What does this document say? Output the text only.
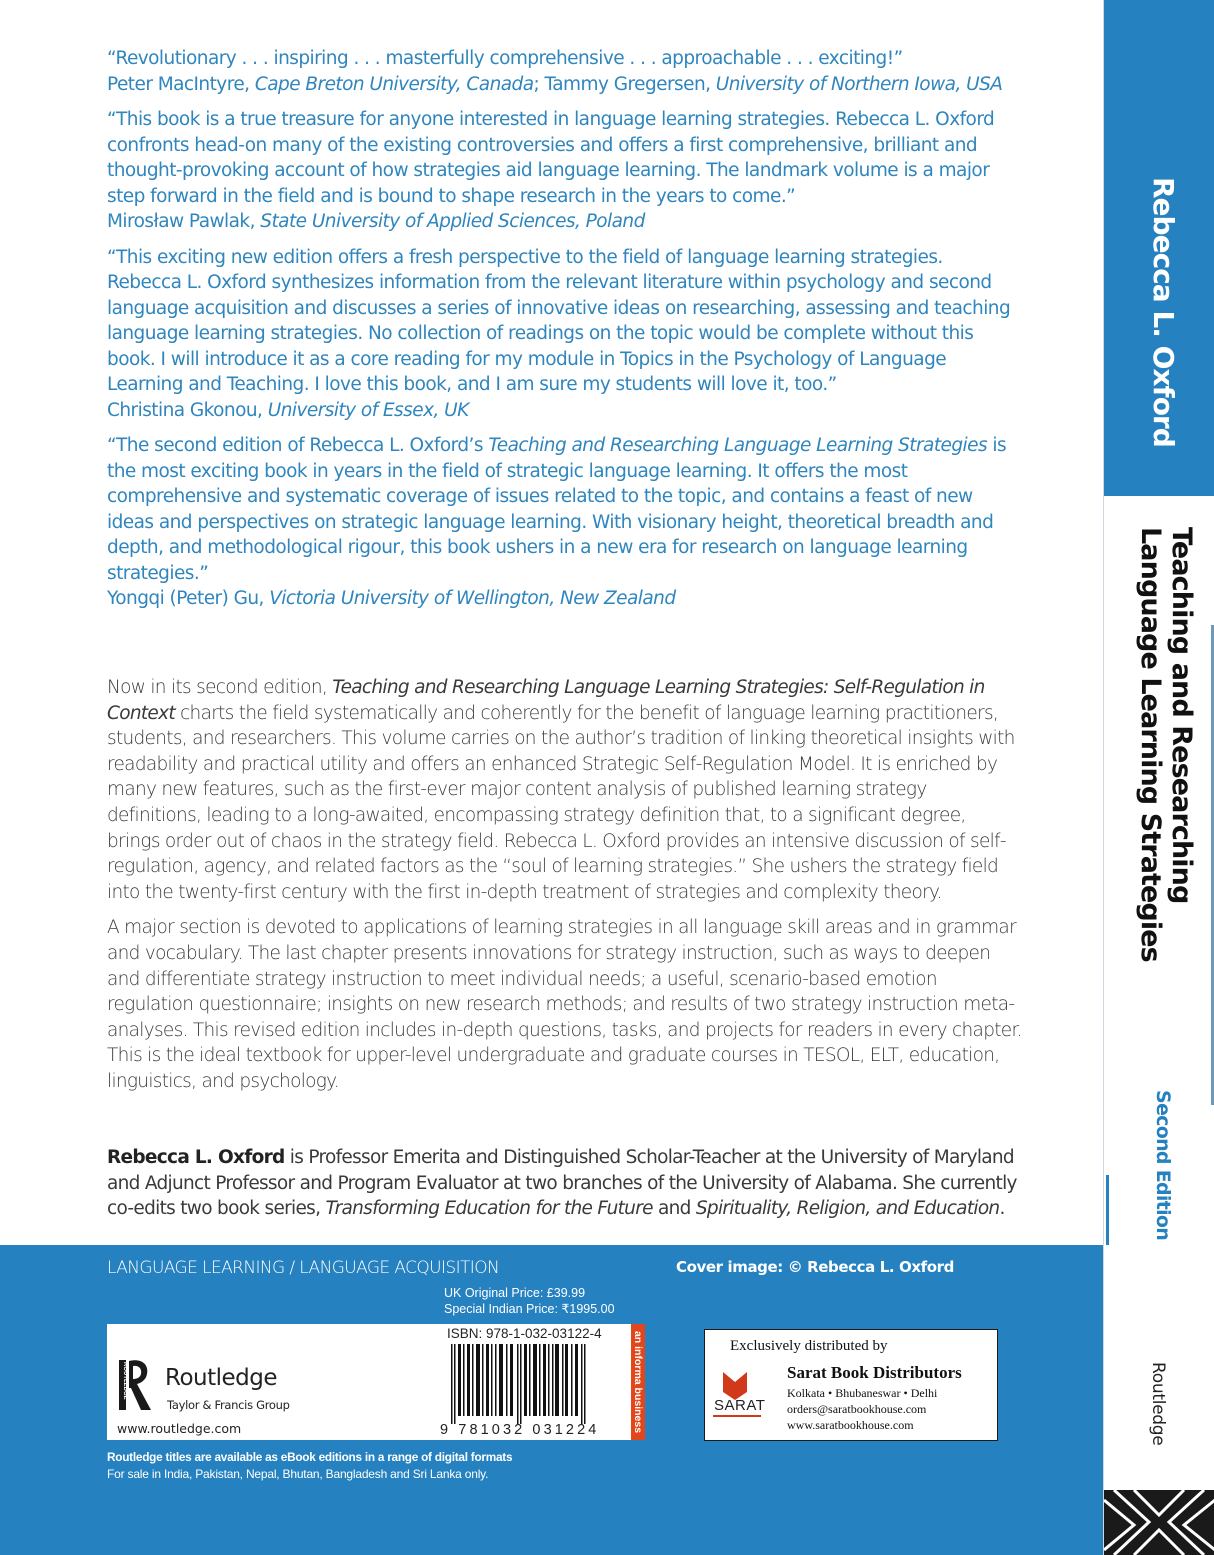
“Revolutionary . . . inspiring . . . masterfully comprehensive . . . approachable . . . exciting!”
Peter MacIntyre, Cape Breton University, Canada; Tammy Gregersen, University of Northern Iowa, USA
“This book is a true treasure for anyone interested in language learning strategies. Rebecca L. Oxford confronts head-on many of the existing controversies and offers a first comprehensive, brilliant and thought-provoking account of how strategies aid language learning. The landmark volume is a major step forward in the field and is bound to shape research in the years to come.”
Mirosław Pawlak, State University of Applied Sciences, Poland
“This exciting new edition offers a fresh perspective to the field of language learning strategies. Rebecca L. Oxford synthesizes information from the relevant literature within psychology and second language acquisition and discusses a series of innovative ideas on researching, assessing and teaching language learning strategies. No collection of readings on the topic would be complete without this book. I will introduce it as a core reading for my module in Topics in the Psychology of Language Learning and Teaching. I love this book, and I am sure my students will love it, too.”
Christina Gkonou, University of Essex, UK
“The second edition of Rebecca L. Oxford’s Teaching and Researching Language Learning Strategies is the most exciting book in years in the field of strategic language learning. It offers the most comprehensive and systematic coverage of issues related to the topic, and contains a feast of new ideas and perspectives on strategic language learning. With visionary height, theoretical breadth and depth, and methodological rigour, this book ushers in a new era for research on language learning strategies.”
Yongqi (Peter) Gu, Victoria University of Wellington, New Zealand

Now in its second edition, Teaching and Researching Language Learning Strategies: Self-Regulation in Context charts the field systematically and coherently for the benefit of language learning practitioners, students, and researchers. This volume carries on the author’s tradition of linking theoretical insights with readability and practical utility and offers an enhanced Strategic Self-Regulation Model. It is enriched by many new features, such as the first-ever major content analysis of published learning strategy definitions, leading to a long-awaited, encompassing strategy definition that, to a significant degree, brings order out of chaos in the strategy field. Rebecca L. Oxford provides an intensive discussion of self-regulation, agency, and related factors as the “soul of learning strategies.” She ushers the strategy field into the twenty-first century with the first in-depth treatment of strategies and complexity theory.

A major section is devoted to applications of learning strategies in all language skill areas and in grammar and vocabulary. The last chapter presents innovations for strategy instruction, such as ways to deepen and differentiate strategy instruction to meet individual needs; a useful, scenario-based emotion regulation questionnaire; insights on new research methods; and results of two strategy instruction meta-analyses. This revised edition includes in-depth questions, tasks, and projects for readers in every chapter. This is the ideal textbook for upper-level undergraduate and graduate courses in TESOL, ELT, education, linguistics, and psychology.

Rebecca L. Oxford is Professor Emerita and Distinguished Scholar-Teacher at the University of Maryland and Adjunct Professor and Program Evaluator at two branches of the University of Alabama. She currently co-edits two book series, Transforming Education for the Future and Spirituality, Religion, and Education.
LANGUAGE LEARNING / LANGUAGE ACQUISITION	Cover image: © Rebecca L. Oxford
UK Original Price: £39.99
Special Indian Price: ₹1995.00
ROUTLEDGE Routledge
Taylor & Francis Group
www.routledge.com
ISBN: 978-1-032-03122-4
9 781032 031224	an informa business	Exclusively distributed by
SARAT
Sarat Book Distributors
Kolkata • Bhubaneswar • Delhi
orders@saratbookhouse.com
www.saratbookhouse.com
Routledge titles are available as eBook editions in a range of digital formats
For sale in India, Pakistan, Nepal, Bhutan, Bangladesh and Sri Lanka only.
Rebecca L. Oxford
Teaching and Researching
Language Learning Strategies
Second Edition
Routledge
